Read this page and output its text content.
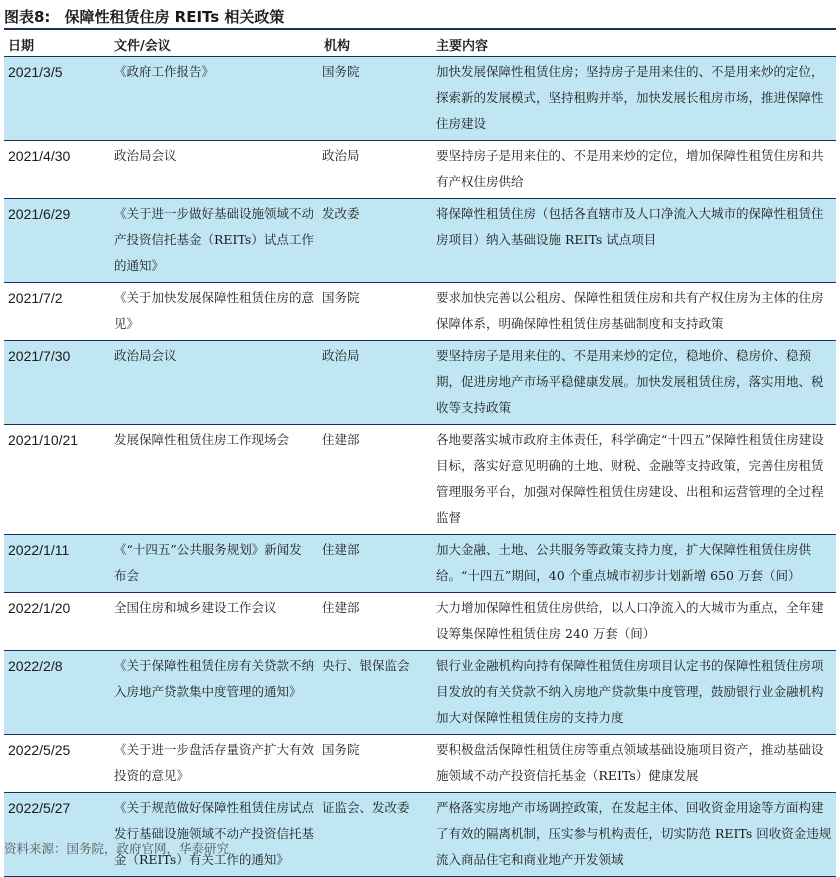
图表8: 保障性租赁住房 REITs 相关政策
日期	文件/会议	机构	主要内容
2021/3/5	《政府工作报告》	国务院	加快发展保障性租赁住房；坚持房子是用来住的、不是用来炒的定位，探索新的发展模式，坚持租购并举，加快发展长租房市场，推进保障性住房建设
2021/4/30	政治局会议	政治局	要坚持房子是用来住的、不是用来炒的定位，增加保障性租赁住房和共有产权住房供给
2021/6/29	《关于进一步做好基础设施领域不动产投资信托基金（REITs）试点工作的通知》	发改委	将保障性租赁住房（包括各直辖市及人口净流入大城市的保障性租赁住房项目）纳入基础设施 REITs 试点项目
2021/7/2	《关于加快发展保障性租赁住房的意见》	国务院	要求加快完善以公租房、保障性租赁住房和共有产权住房为主体的住房保障体系，明确保障性租赁住房基础制度和支持政策
2021/7/30	政治局会议	政治局	要坚持房子是用来住的、不是用来炒的定位，稳地价、稳房价、稳预期，促进房地产市场平稳健康发展。加快发展租赁住房，落实用地、税收等支持政策
2021/10/21	发展保障性租赁住房工作现场会	住建部	各地要落实城市政府主体责任，科学确定“十四五”保障性租赁住房建设目标，落实好意见明确的土地、财税、金融等支持政策，完善住房租赁管理服务平台，加强对保障性租赁住房建设、出租和运营管理的全过程监督
2022/1/11	《“十四五”公共服务规划》新闻发布会	住建部	加大金融、土地、公共服务等政策支持力度，扩大保障性租赁住房供给。“十四五”期间，40 个重点城市初步计划新增 650 万套（间）
2022/1/20	全国住房和城乡建设工作会议	住建部	大力增加保障性租赁住房供给，以人口净流入的大城市为重点，全年建设筹集保障性租赁住房 240 万套（间）
2022/2/8	《关于保障性租赁住房有关贷款不纳入房地产贷款集中度管理的通知》	央行、银保监会	银行业金融机构向持有保障性租赁住房项目认定书的保障性租赁住房项目发放的有关贷款不纳入房地产贷款集中度管理，鼓励银行业金融机构加大对保障性租赁住房的支持力度
2022/5/25	《关于进一步盘活存量资产扩大有效投资的意见》	国务院	要积极盘活保障性租赁住房等重点领域基础设施项目资产，推动基础设施领域不动产投资信托基金（REITs）健康发展
2022/5/27	《关于规范做好保障性租赁住房试点发行基础设施领域不动产投资信托基金（REITs）有关工作的通知》	证监会、发改委	严格落实房地产市场调控政策，在发起主体、回收资金用途等方面构建了有效的隔离机制，压实参与机构责任，切实防范 REITs 回收资金违规流入商品住宅和商业地产开发领域
资料来源：国务院，政府官网，华泰研究
